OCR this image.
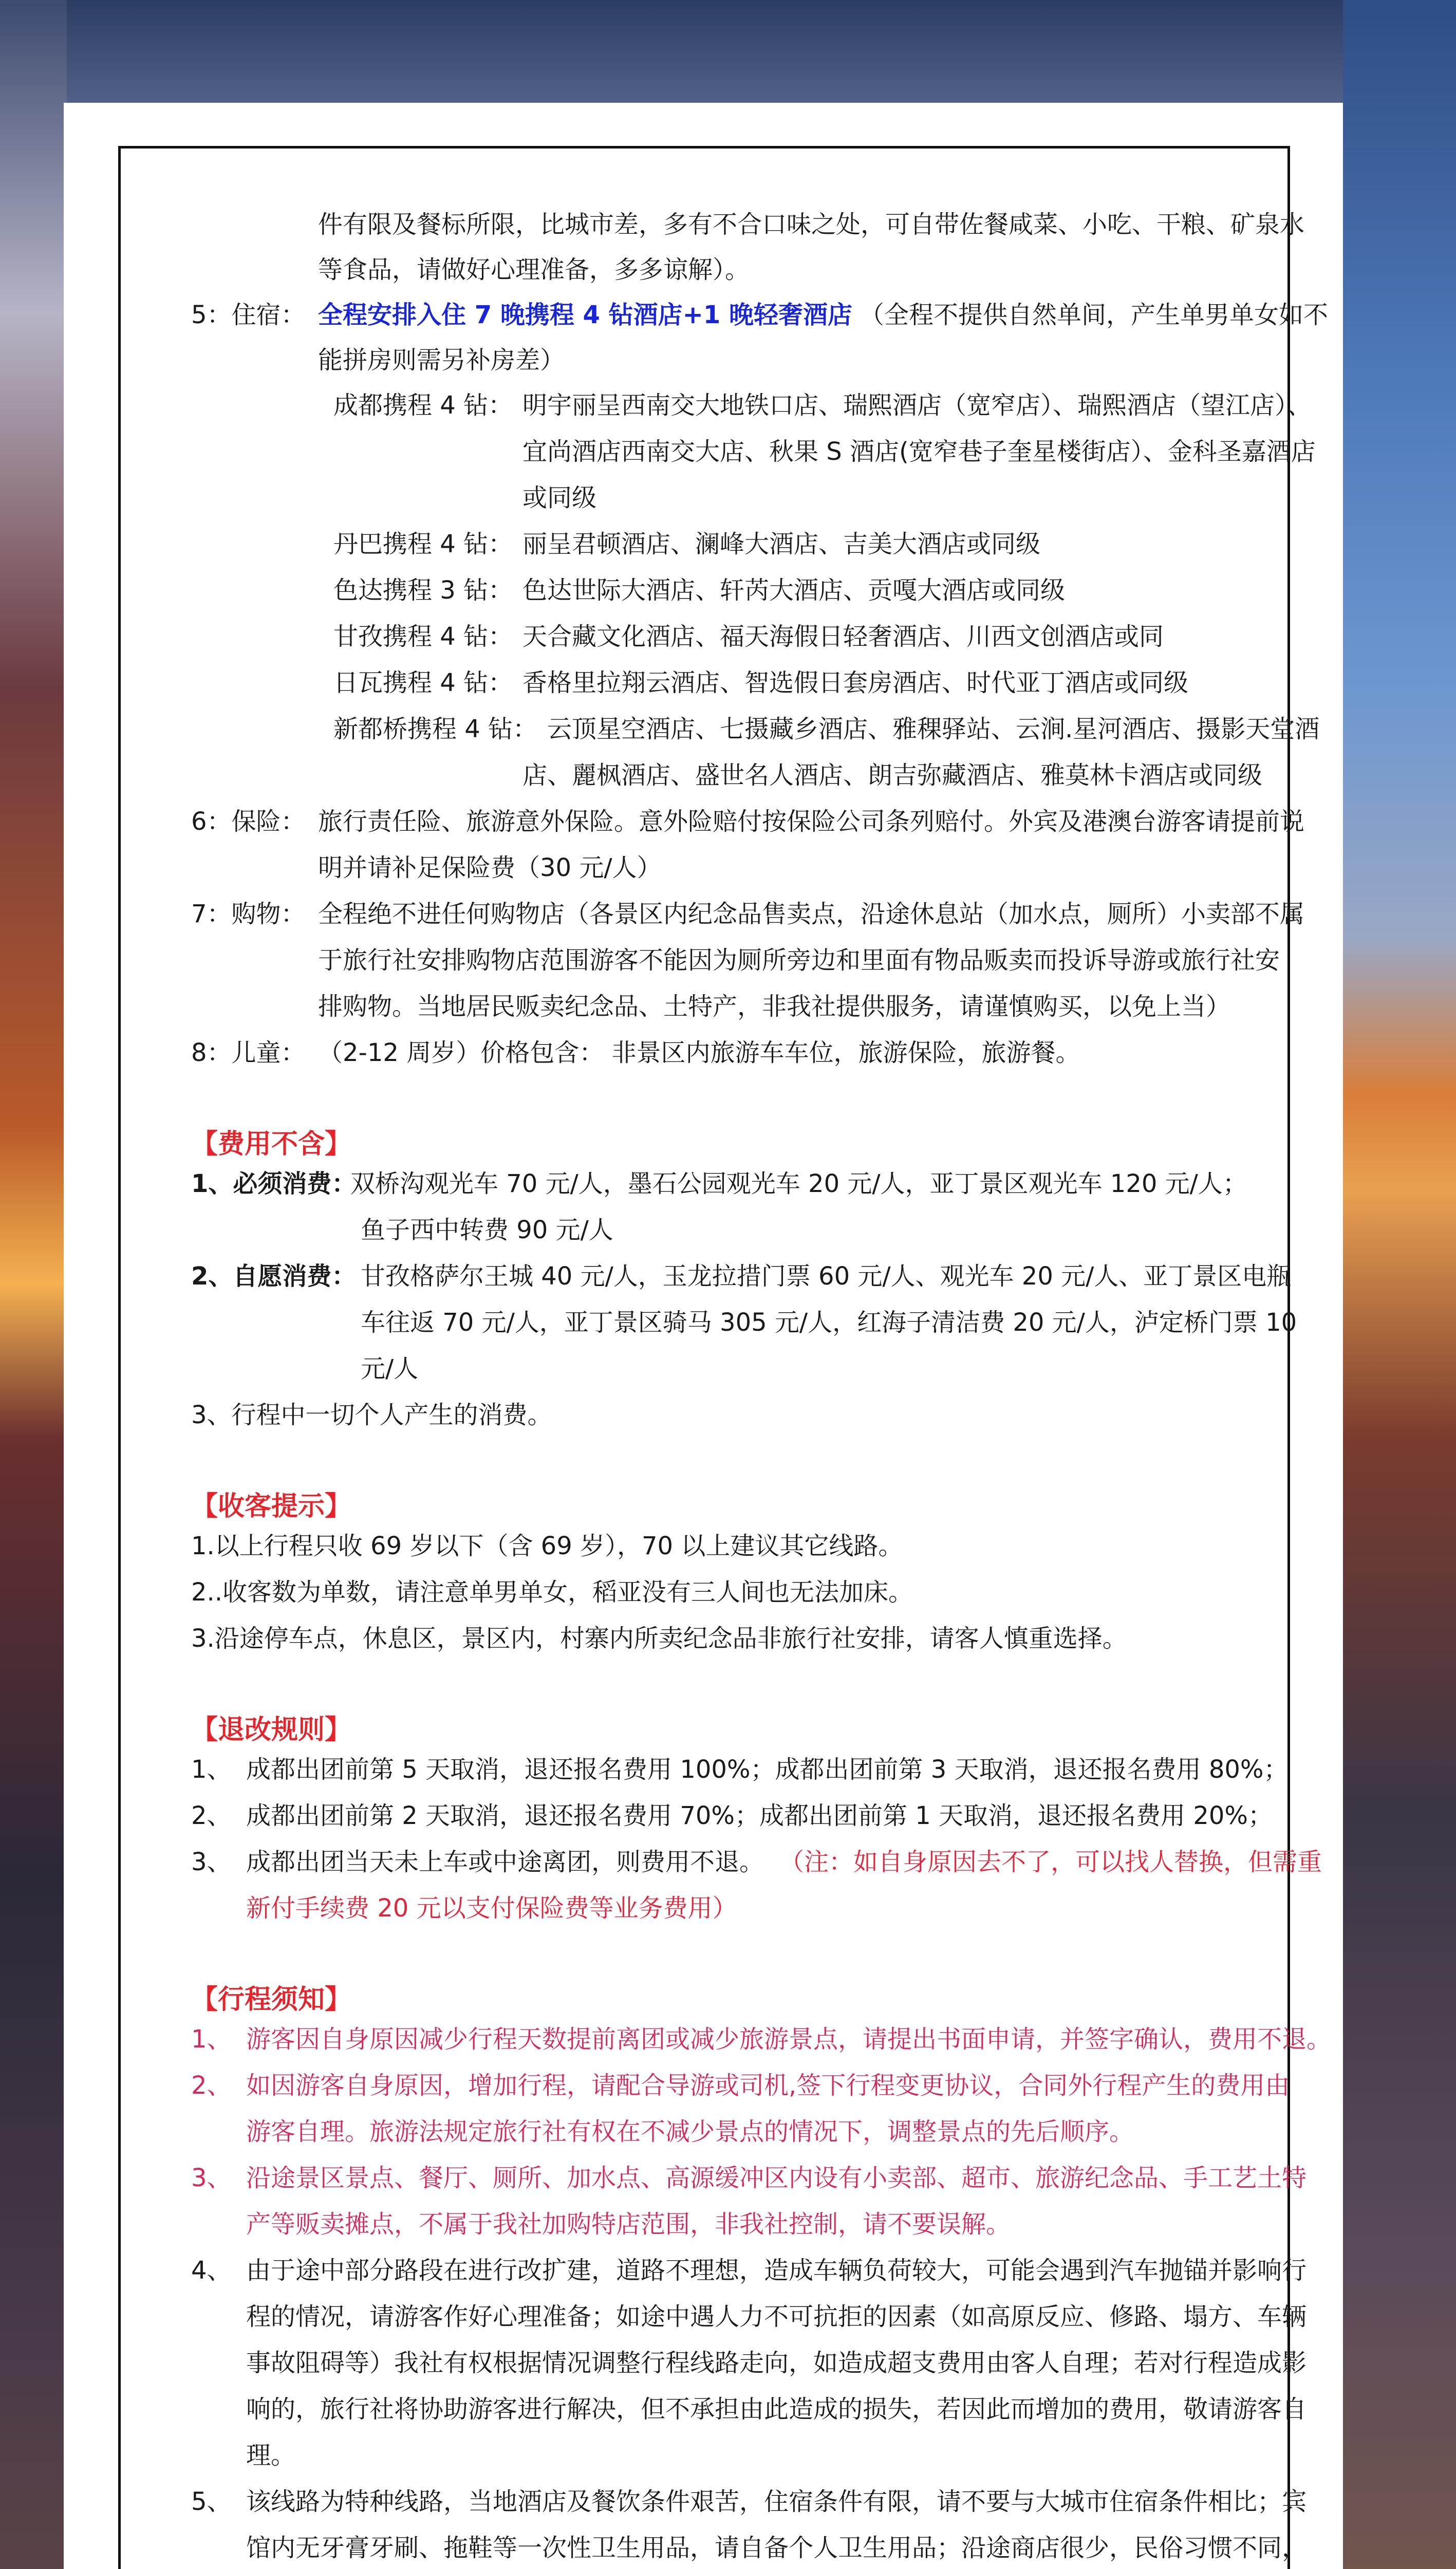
件有限及餐标所限，比城市差，多有不合口味之处，可自带佐餐咸菜、小吃、干粮、矿泉水
等食品，请做好心理准备，多多谅解）。
5：住宿： 全程安排入住 7 晚携程 4 钻酒店+1 晚轻奢酒店 （全程不提供自然单间，产生单男单女如不
能拼房则需另补房差）
成都携程 4 钻： 明宇丽呈西南交大地铁口店、瑞熙酒店（宽窄店）、瑞熙酒店（望江店）、
宜尚酒店西南交大店、秋果 S 酒店(宽窄巷子奎星楼街店）、金科圣嘉酒店
或同级
丹巴携程 4 钻： 丽呈君顿酒店、澜峰大酒店、吉美大酒店或同级
色达携程 3 钻： 色达世际大酒店、轩芮大酒店、贡嘎大酒店或同级
甘孜携程 4 钻： 天合藏文化酒店、福天海假日轻奢酒店、川西文创酒店或同
日瓦携程 4 钻： 香格里拉翔云酒店、智选假日套房酒店、时代亚丁酒店或同级
新都桥携程 4 钻： 云顶星空酒店、七摄藏乡酒店、雅稞驿站、云涧.星河酒店、摄影天堂酒
店、麗枫酒店、盛世名人酒店、朗吉弥藏酒店、雅莫林卡酒店或同级
6：保险： 旅行责任险、旅游意外保险。意外险赔付按保险公司条列赔付。外宾及港澳台游客请提前说
明并请补足保险费（30 元/人）
7：购物： 全程绝不进任何购物店（各景区内纪念品售卖点，沿途休息站（加水点，厕所）小卖部不属
于旅行社安排购物店范围游客不能因为厕所旁边和里面有物品贩卖而投诉导游或旅行社安
排购物。当地居民贩卖纪念品、土特产，非我社提供服务，请谨慎购买，以免上当）
8：儿童： （2-12 周岁）价格包含： 非景区内旅游车车位，旅游保险，旅游餐。
【费用不含】
1、必须消费：
双桥沟观光车 70 元/人，墨石公园观光车 20 元/人，亚丁景区观光车 120 元/人；
鱼子西中转费 90 元/人
2、自愿消费： 甘孜格萨尔王城 40 元/人，玉龙拉措门票 60 元/人、观光车 20 元/人、亚丁景区电瓶
车往返 70 元/人，亚丁景区骑马 305 元/人，红海子清洁费 20 元/人，泸定桥门票 10
元/人
3、行程中一切个人产生的消费。
【收客提示】
1.以上行程只收 69 岁以下（含 69 岁），70 以上建议其它线路。
2..收客数为单数，请注意单男单女，稻亚没有三人间也无法加床。
3.沿途停车点，休息区，景区内，村寨内所卖纪念品非旅行社安排，请客人慎重选择。
【退改规则】
1、 成都出团前第 5 天取消，退还报名费用 100%；成都出团前第 3 天取消，退还报名费用 80%；
2、 成都出团前第 2 天取消，退还报名费用 70%；成都出团前第 1 天取消，退还报名费用 20%；
3、 成都出团当天未上车或中途离团，则费用不退。 （注：如自身原因去不了，可以找人替换，但需重
新付手续费 20 元以支付保险费等业务费用）
【行程须知】
1、 游客因自身原因减少行程天数提前离团或减少旅游景点，请提出书面申请，并签字确认，费用不退。
2、 如因游客自身原因，增加行程，请配合导游或司机,签下行程变更协议，合同外行程产生的费用由
游客自理。旅游法规定旅行社有权在不减少景点的情况下，调整景点的先后顺序。
3、 沿途景区景点、餐厅、厕所、加水点、高源缓冲区内设有小卖部、超市、旅游纪念品、手工艺土特
产等贩卖摊点，不属于我社加购特店范围，非我社控制，请不要误解。
4、 由于途中部分路段在进行改扩建，道路不理想，造成车辆负荷较大，可能会遇到汽车抛锚并影响行
程的情况，请游客作好心理准备；如途中遇人力不可抗拒的因素（如高原反应、修路、塌方、车辆
事故阻碍等）我社有权根据情况调整行程线路走向，如造成超支费用由客人自理；若对行程造成影
响的，旅行社将协助游客进行解决，但不承担由此造成的损失，若因此而增加的费用，敬请游客自
理。
5、 该线路为特种线路，当地酒店及餐饮条件艰苦，住宿条件有限，请不要与大城市住宿条件相比；宾
馆内无牙膏牙刷、拖鞋等一次性卫生用品，请自备个人卫生用品；沿途商店很少，民俗习惯不同，
